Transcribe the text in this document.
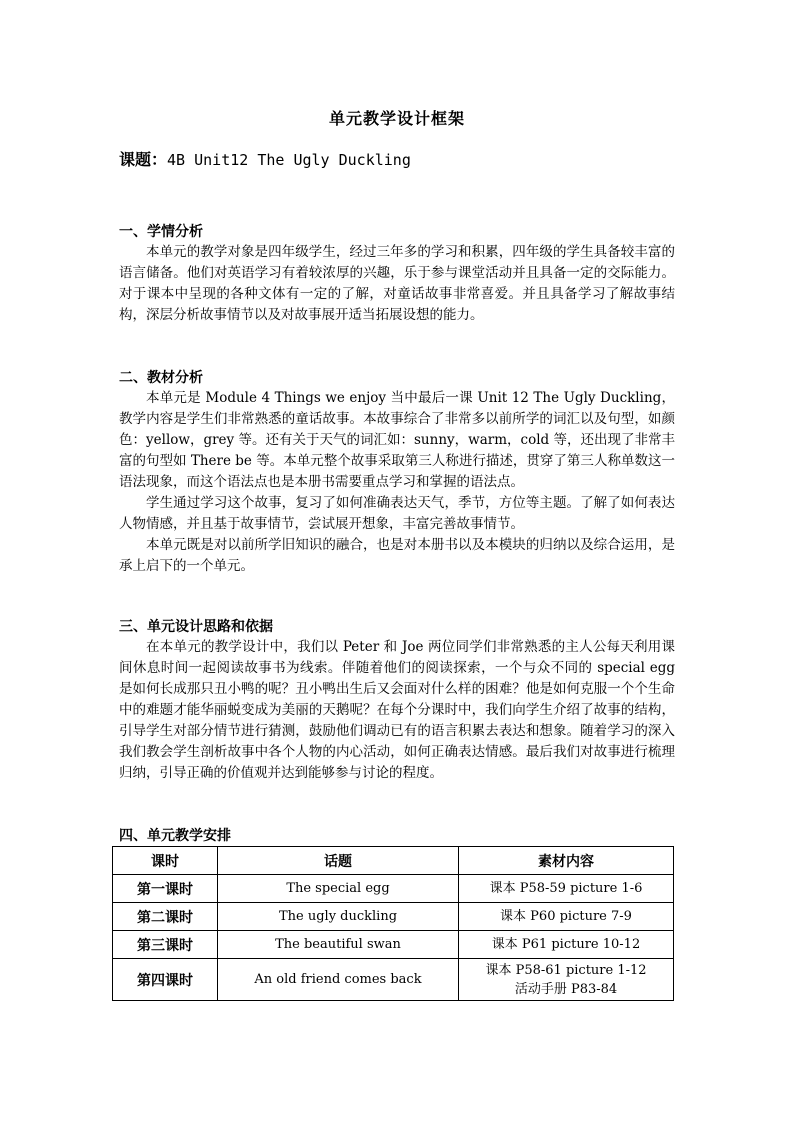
单元教学设计框架
课题：4B Unit12 The Ugly Duckling
一、学情分析

本单元的教学对象是四年级学生，经过三年多的学习和积累，四年级的学生具备较丰富的语言储备。他们对英语学习有着较浓厚的兴趣，乐于参与课堂活动并且具备一定的交际能力。对于课本中呈现的各种文体有一定的了解，对童话故事非常喜爱。并且具备学习了解故事结构，深层分析故事情节以及对故事展开适当拓展设想的能力。

二、教材分析

本单元是 Module 4 Things we enjoy 当中最后一课 Unit 12 The Ugly Duckling，教学内容是学生们非常熟悉的童话故事。本故事综合了非常多以前所学的词汇以及句型，如颜色：yellow，grey 等。还有关于天气的词汇如：sunny，warm，cold 等，还出现了非常丰富的句型如 There be 等。本单元整个故事采取第三人称进行描述，贯穿了第三人称单数这一语法现象，而这个语法点也是本册书需要重点学习和掌握的语法点。

学生通过学习这个故事，复习了如何准确表达天气，季节，方位等主题。了解了如何表达人物情感，并且基于故事情节，尝试展开想象，丰富完善故事情节。

本单元既是对以前所学旧知识的融合，也是对本册书以及本模块的归纳以及综合运用，是承上启下的一个单元。

三、单元设计思路和依据

在本单元的教学设计中，我们以 Peter 和 Joe 两位同学们非常熟悉的主人公每天利用课间休息时间一起阅读故事书为线索。伴随着他们的阅读探索，一个与众不同的 special egg 是如何长成那只丑小鸭的呢？丑小鸭出生后又会面对什么样的困难？他是如何克服一个个生命中的难题才能华丽蜕变成为美丽的天鹅呢？在每个分课时中，我们向学生介绍了故事的结构，引导学生对部分情节进行猜测，鼓励他们调动已有的语言积累去表达和想象。随着学习的深入我们教会学生剖析故事中各个人物的内心活动，如何正确表达情感。最后我们对故事进行梳理归纳，引导正确的价值观并达到能够参与讨论的程度。

四、单元教学安排
课时	话题	素材内容
第一课时	The special egg	课本 P58-59 picture 1-6

第二课时	The ugly duckling	课本 P60 picture 7-9

第三课时	The beautiful swan	课本 P61 picture 10-12

第四课时	An old friend comes back	课本 P58-61 picture 1-12
活动手册 P83-84
